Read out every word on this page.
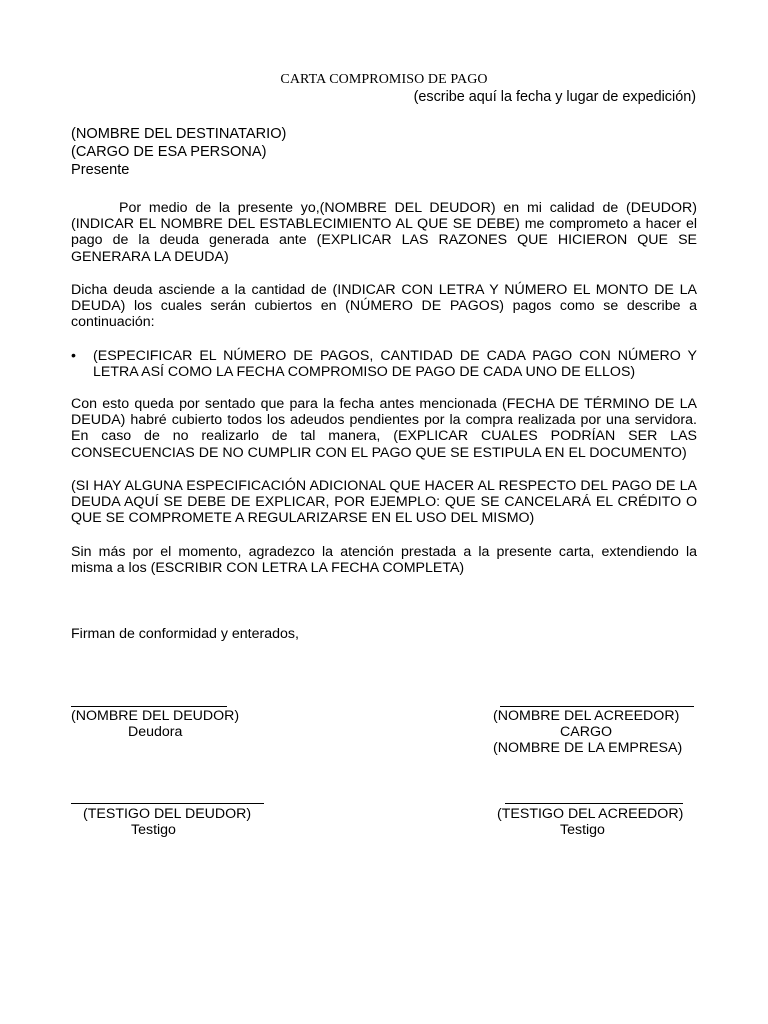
CARTA COMPROMISO DE PAGO
(escribe aquí la fecha y lugar de expedición)
(NOMBRE DEL DESTINATARIO)
(CARGO DE ESA PERSONA)
Presente
Por medio de la presente yo,(NOMBRE DEL DEUDOR) en mi calidad de (DEUDOR) (INDICAR EL NOMBRE DEL ESTABLECIMIENTO AL QUE SE DEBE) me comprometo a hacer el pago de la deuda generada ante (EXPLICAR LAS RAZONES QUE HICIERON QUE SE GENERARA LA DEUDA)
Dicha deuda asciende a la cantidad de (INDICAR CON LETRA Y NÚMERO EL MONTO DE LA DEUDA) los cuales serán cubiertos en (NÚMERO DE PAGOS) pagos como se describe a continuación:
•	(ESPECIFICAR EL NÚMERO DE PAGOS, CANTIDAD DE CADA PAGO CON NÚMERO Y LETRA ASÍ COMO LA FECHA COMPROMISO DE PAGO DE CADA UNO DE ELLOS)
Con esto queda por sentado que para la fecha antes mencionada (FECHA DE TÉRMINO DE LA DEUDA) habré cubierto todos los adeudos pendientes por la compra realizada por una servidora. En caso de no realizarlo de tal manera, (EXPLICAR CUALES PODRÍAN SER LAS CONSECUENCIAS DE NO CUMPLIR CON EL PAGO QUE SE ESTIPULA EN EL DOCUMENTO)
(SI HAY ALGUNA ESPECIFICACIÓN ADICIONAL QUE HACER AL RESPECTO DEL PAGO DE LA DEUDA AQUÍ SE DEBE DE EXPLICAR, POR EJEMPLO: QUE SE CANCELARÁ EL CRÉDITO O QUE SE COMPROMETE A REGULARIZARSE EN EL USO DEL MISMO)
Sin más por el momento, agradezco la atención prestada a la presente carta, extendiendo la misma a los (ESCRIBIR CON LETRA LA FECHA COMPLETA)
Firman de conformidad y enterados,
(NOMBRE DEL DEUDOR)
Deudora
(NOMBRE DEL ACREEDOR)
CARGO
(NOMBRE DE LA EMPRESA)
(TESTIGO DEL DEUDOR)
Testigo
(TESTIGO DEL ACREEDOR)
Testigo
